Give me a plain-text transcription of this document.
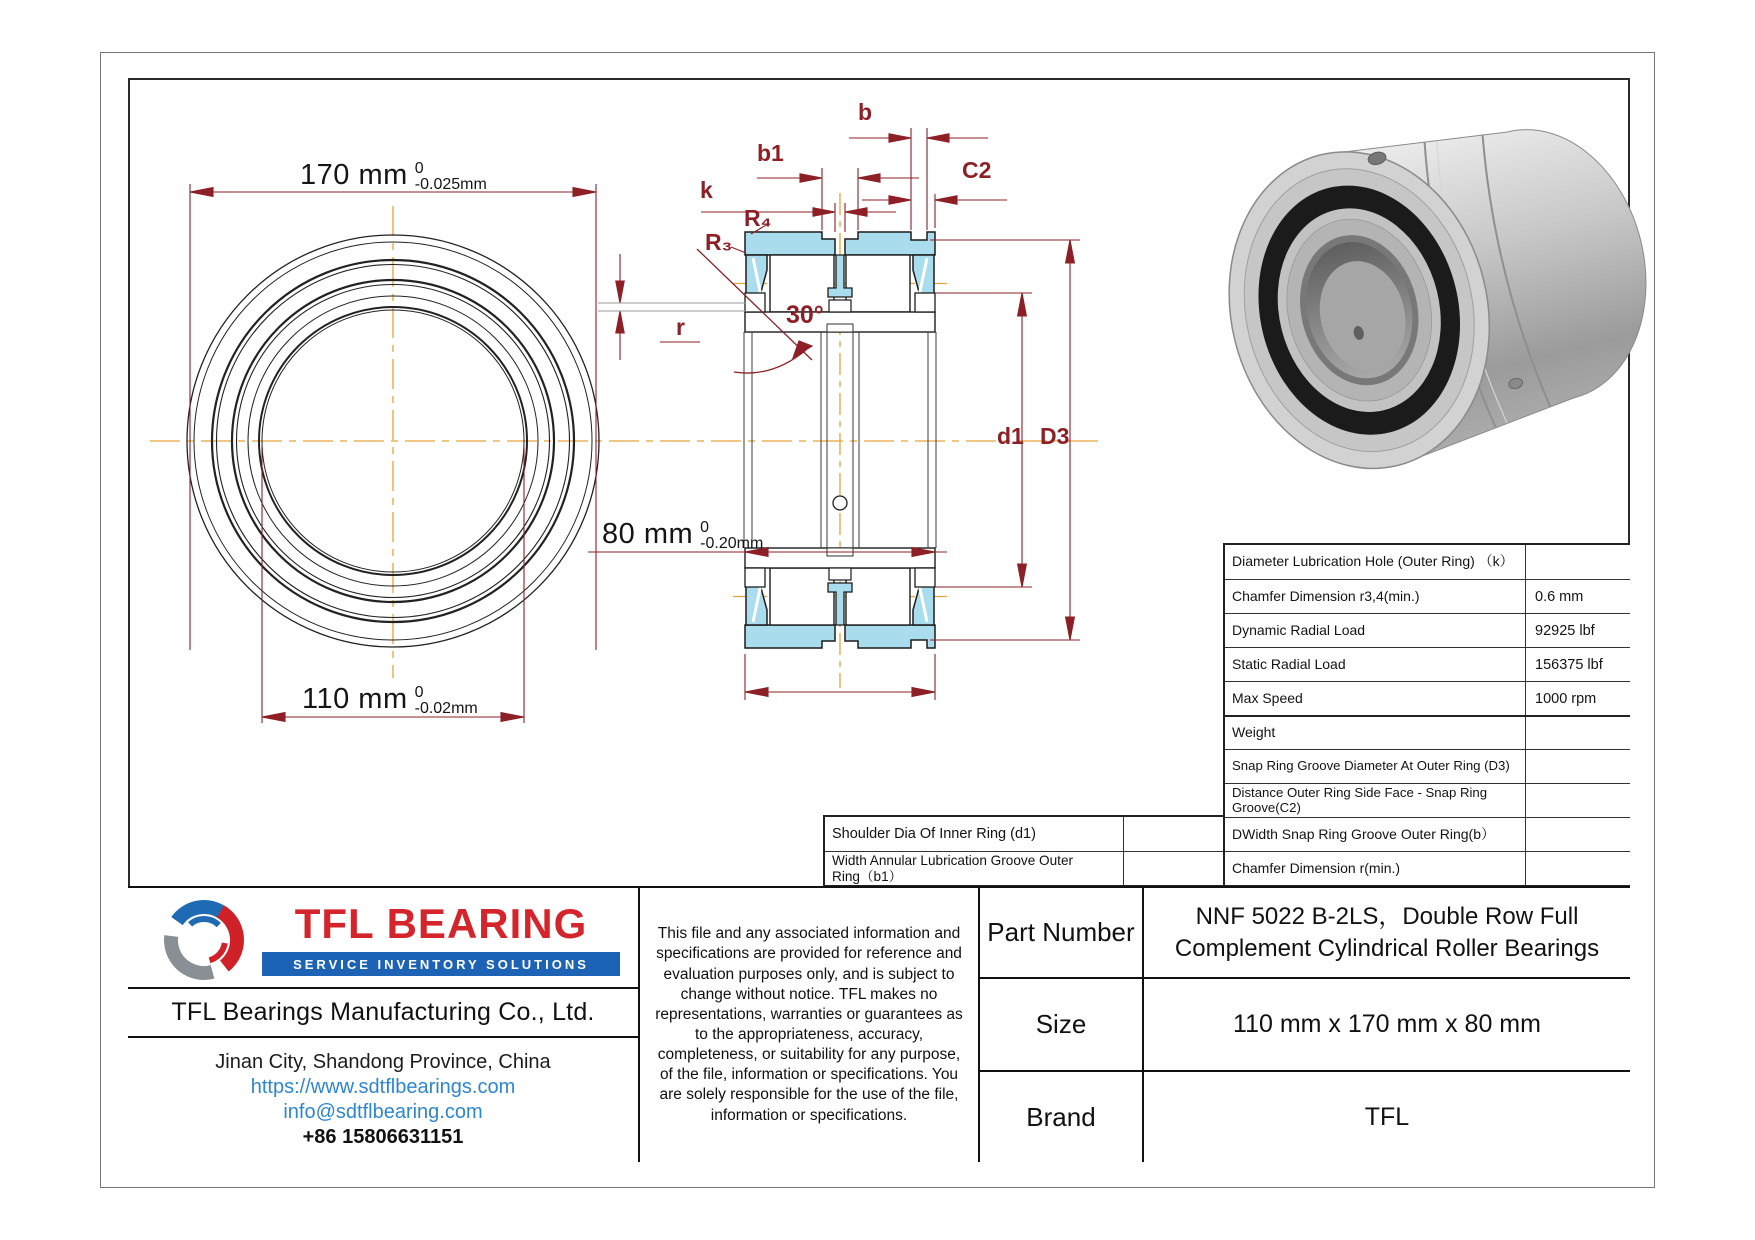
170 mm 0
-0.025mm
110 mm 0
-0.02mm
80 mm 0
-0.20mm
b
b1
k
C2
R₄
R₃
r	30°
d1 D3
Diameter Lubrication Hole (Outer Ring) （k）
Chamfer Dimension r3,4(min.)	0.6 mm
Dynamic Radial Load	92925 lbf
Static Radial Load	156375 lbf
Max Speed	1000 rpm
Weight
Snap Ring Groove Diameter At Outer Ring (D3)
Distance Outer Ring Side Face - Snap Ring Groove(C2)
DWidth Snap Ring Groove Outer Ring(b）
Chamfer Dimension r(min.)
Shoulder Dia Of Inner Ring (d1)
Width Annular Lubrication Groove Outer Ring（b1）
TFL BEARING
SERVICE INVENTORY SOLUTIONS
TFL Bearings Manufacturing Co., Ltd.
Jinan City, Shandong Province, China
https://www.sdtflbearings.com
info@sdtflbearing.com
+86 15806631151
This file and any associated information and specifications are provided for reference and evaluation purposes only, and is subject to change without notice. TFL makes no representations, warranties or guarantees as to the appropriateness, accuracy, completeness, or suitability for any purpose, of the file, information or specifications. You are solely responsible for the use of the file, information or specifications.
Part Number
NNF 5022 B-2LS，Double Row Full Complement Cylindrical Roller Bearings
Size	110 mm x 170 mm x 80 mm
Brand	TFL
